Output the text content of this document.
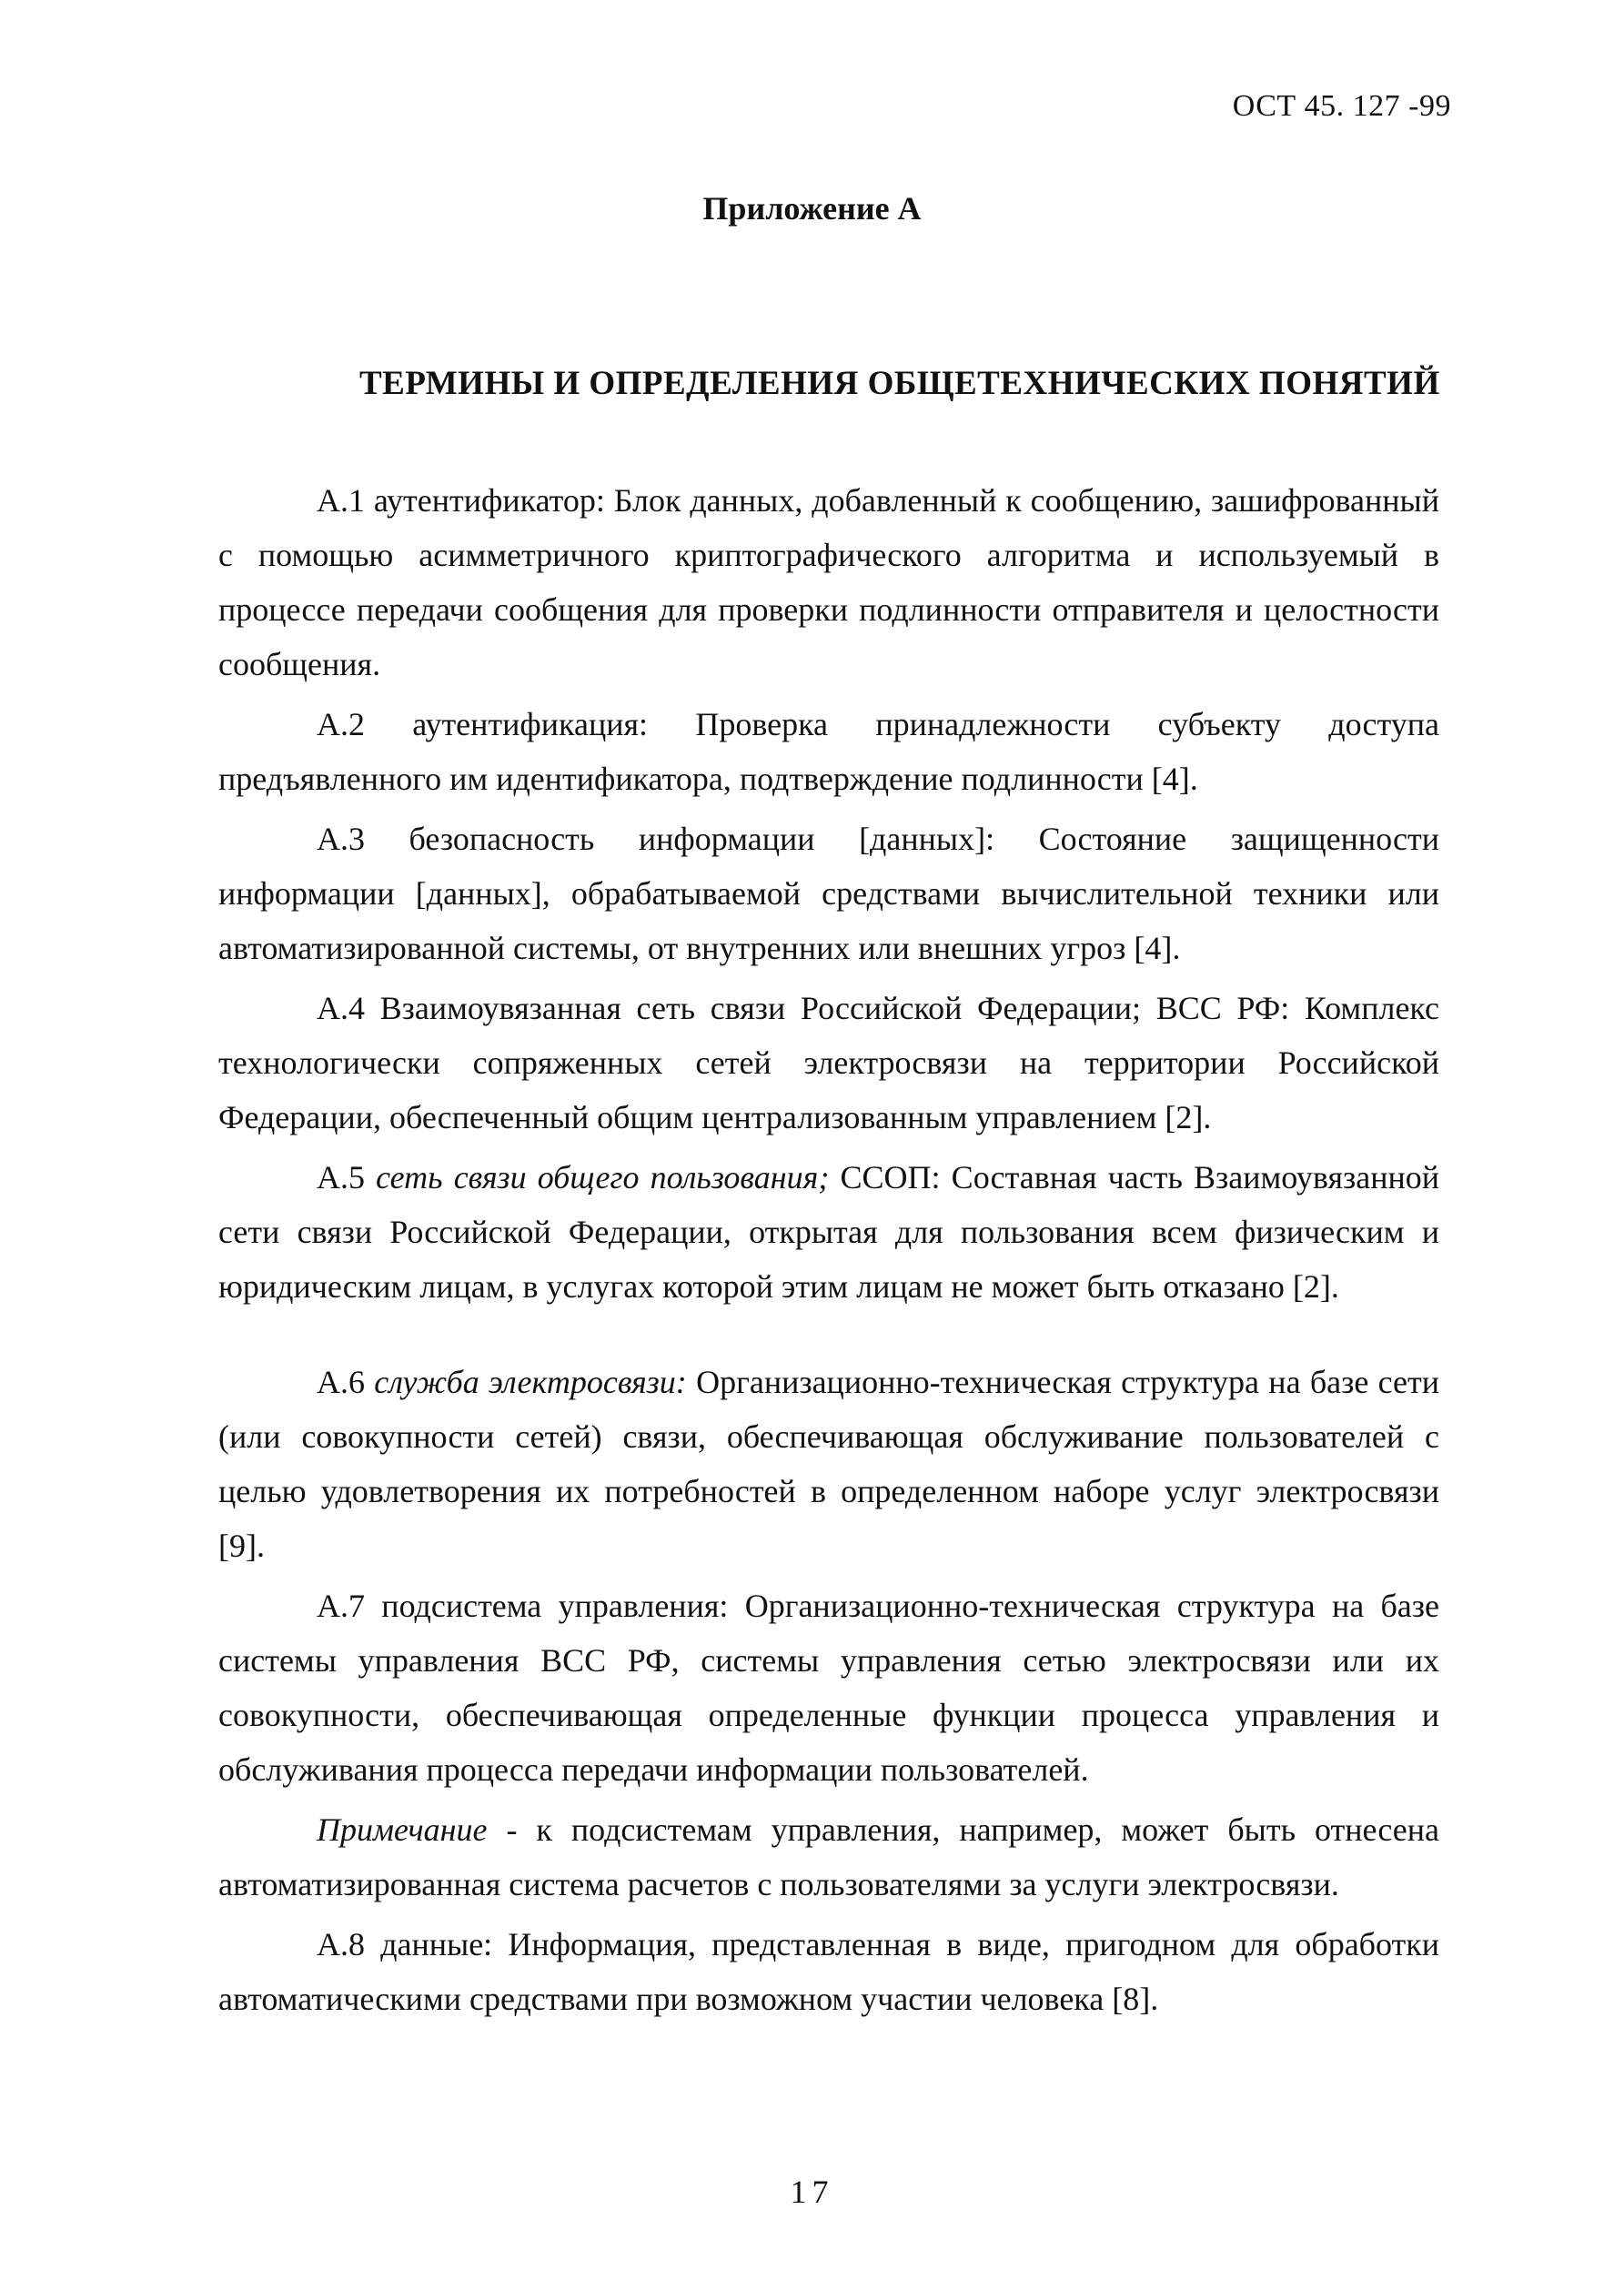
ОСТ 45. 127 -99
Приложение А
ТЕРМИНЫ И ОПРЕДЕЛЕНИЯ ОБЩЕТЕХНИЧЕСКИХ ПОНЯТИЙ

А.1 аутентификатор: Блок данных, добавленный к сообщению, зашифрованный с помощью асимметричного криптографического алгоритма и используемый в процессе передачи сообщения для проверки подлинности отправителя и целостности сообщения.

А.2 аутентификация: Проверка принадлежности субъекту доступа предъявленного им идентификатора, подтверждение подлинности [4].

А.3 безопасность информации [данных]: Состояние защищенности информации [данных], обрабатываемой средствами вычислительной техники или автоматизированной системы, от внутренних или внешних угроз [4].

А.4 Взаимоувязанная сеть связи Российской Федерации; ВСС РФ: Комплекс технологически сопряженных сетей электросвязи на территории Российской Федерации, обеспеченный общим централизованным управлением [2].

А.5 сеть связи общего пользования; ССОП: Составная часть Взаимоувязанной сети связи Российской Федерации, открытая для пользования всем физическим и юридическим лицам, в услугах которой этим лицам не может быть отказано [2].

А.6 служба электросвязи: Организационно-техническая структура на базе сети (или совокупности сетей) связи, обеспечивающая обслуживание пользователей с целью удовлетворения их потребностей в определенном наборе услуг электросвязи [9].

А.7 подсистема управления: Организационно-техническая структура на базе системы управления ВСС РФ, системы управления сетью электросвязи или их совокупности, обеспечивающая определенные функции процесса управления и обслуживания процесса передачи информации пользователей.

Примечание - к подсистемам управления, например, может быть отнесена автоматизированная система расчетов с пользователями за услуги электросвязи.

А.8 данные: Информация, представленная в виде, пригодном для обработки автоматическими средствами при возможном участии человека [8].

17
